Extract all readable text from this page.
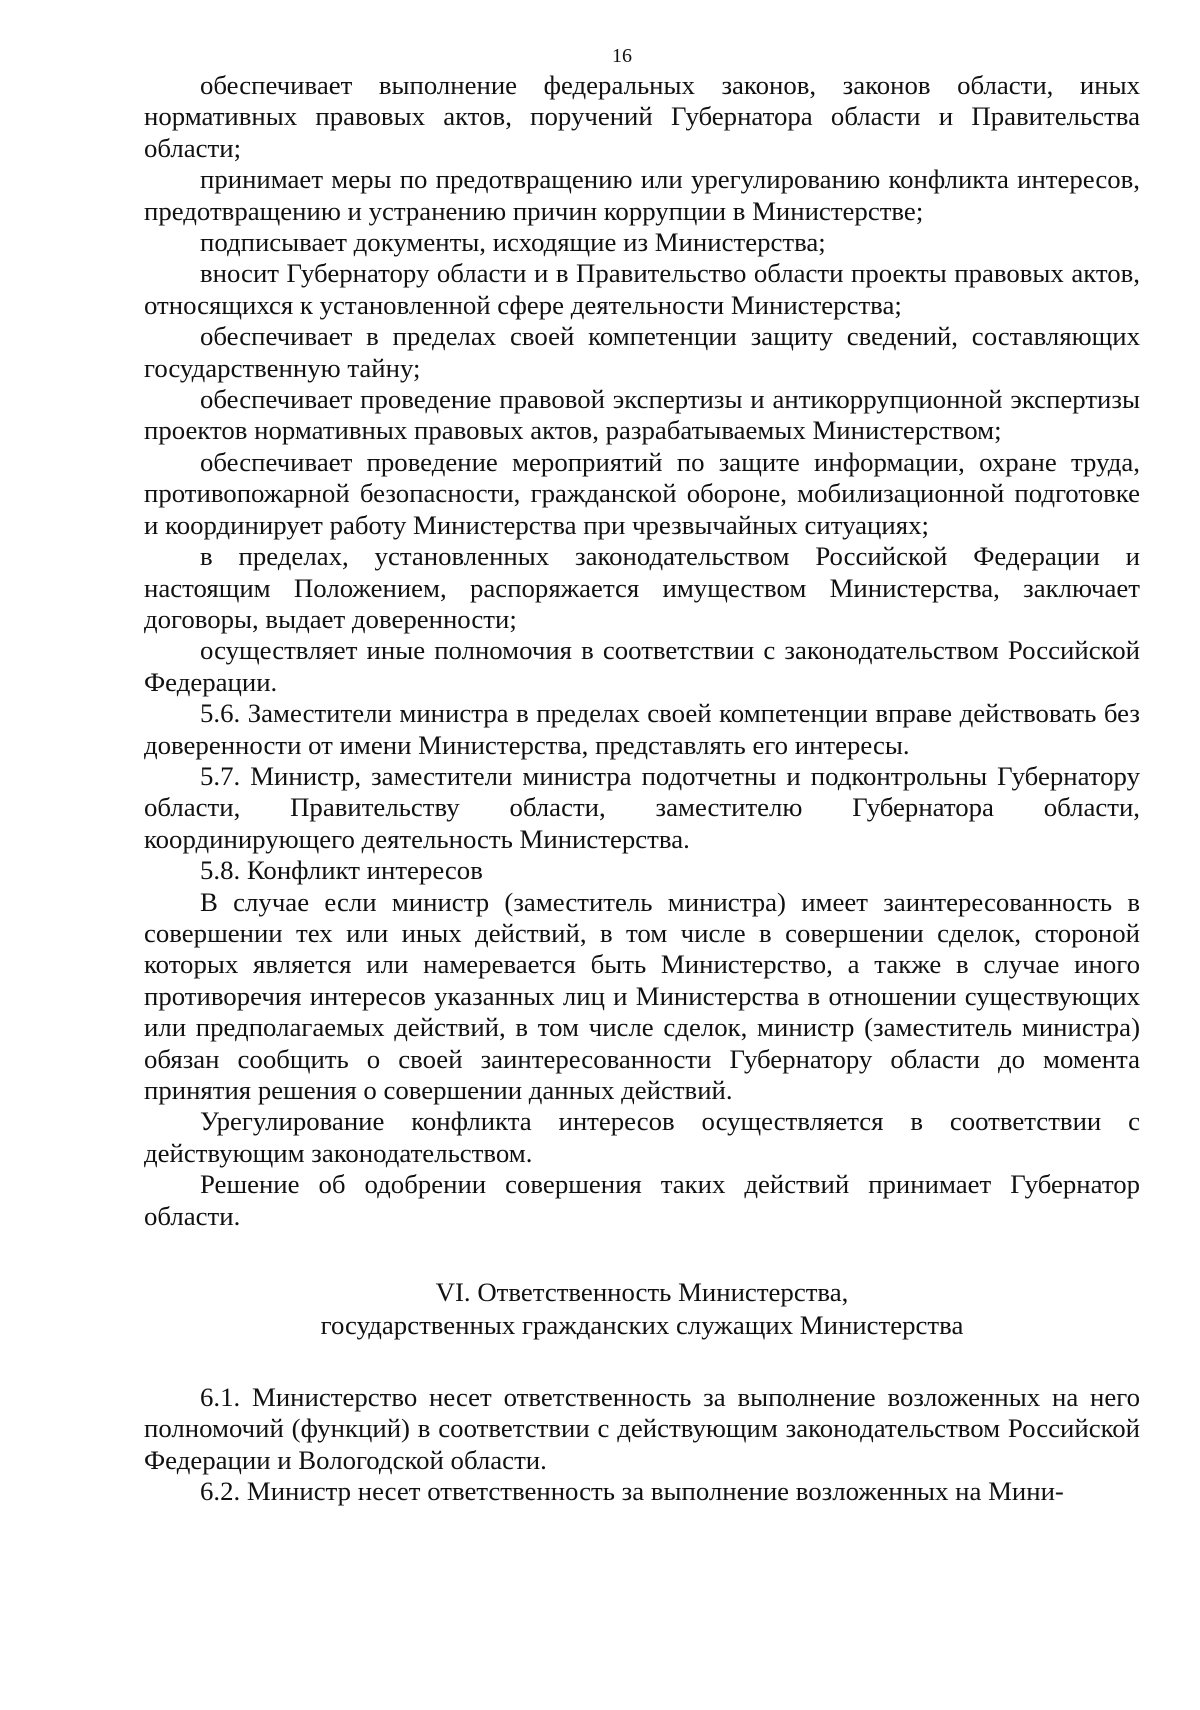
16

обеспечивает выполнение федеральных законов, законов области, иных нормативных правовых актов, поручений Губернатора области и Правительства области;

принимает меры по предотвращению или урегулированию конфликта интересов, предотвращению и устранению причин коррупции в Министерстве;

подписывает документы, исходящие из Министерства;

вносит Губернатору области и в Правительство области проекты правовых актов, относящихся к установленной сфере деятельности Министерства;

обеспечивает в пределах своей компетенции защиту сведений, составляющих государственную тайну;

обеспечивает проведение правовой экспертизы и антикоррупционной экспертизы проектов нормативных правовых актов, разрабатываемых Министерством;

обеспечивает проведение мероприятий по защите информации, охране труда, противопожарной безопасности, гражданской обороне, мобилизационной подготовке и координирует работу Министерства при чрезвычайных ситуациях;

в пределах, установленных законодательством Российской Федерации и настоящим Положением, распоряжается имуществом Министерства, заключает договоры, выдает доверенности;

осуществляет иные полномочия в соответствии с законодательством Российской Федерации.

5.6. Заместители министра в пределах своей компетенции вправе действовать без доверенности от имени Министерства, представлять его интересы.

5.7. Министр, заместители министра подотчетны и подконтрольны Губернатору области, Правительству области, заместителю Губернатора области, координирующего деятельность Министерства.

5.8. Конфликт интересов

В случае если министр (заместитель министра) имеет заинтересованность в совершении тех или иных действий, в том числе в совершении сделок, стороной которых является или намеревается быть Министерство, а также в случае иного противоречия интересов указанных лиц и Министерства в отношении существующих или предполагаемых действий, в том числе сделок, министр (заместитель министра) обязан сообщить о своей заинтересованности Губернатору области до момента принятия решения о совершении данных действий.

Урегулирование конфликта интересов осуществляется в соответствии с действующим законодательством.

Решение об одобрении совершения таких действий принимает Губернатор области.

VI. Ответственность Министерства,
государственных гражданских служащих Министерства

6.1. Министерство несет ответственность за выполнение возложенных на него полномочий (функций) в соответствии с действующим законодательством Российской Федерации и Вологодской области.

6.2. Министр несет ответственность за выполнение возложенных на Мини-
